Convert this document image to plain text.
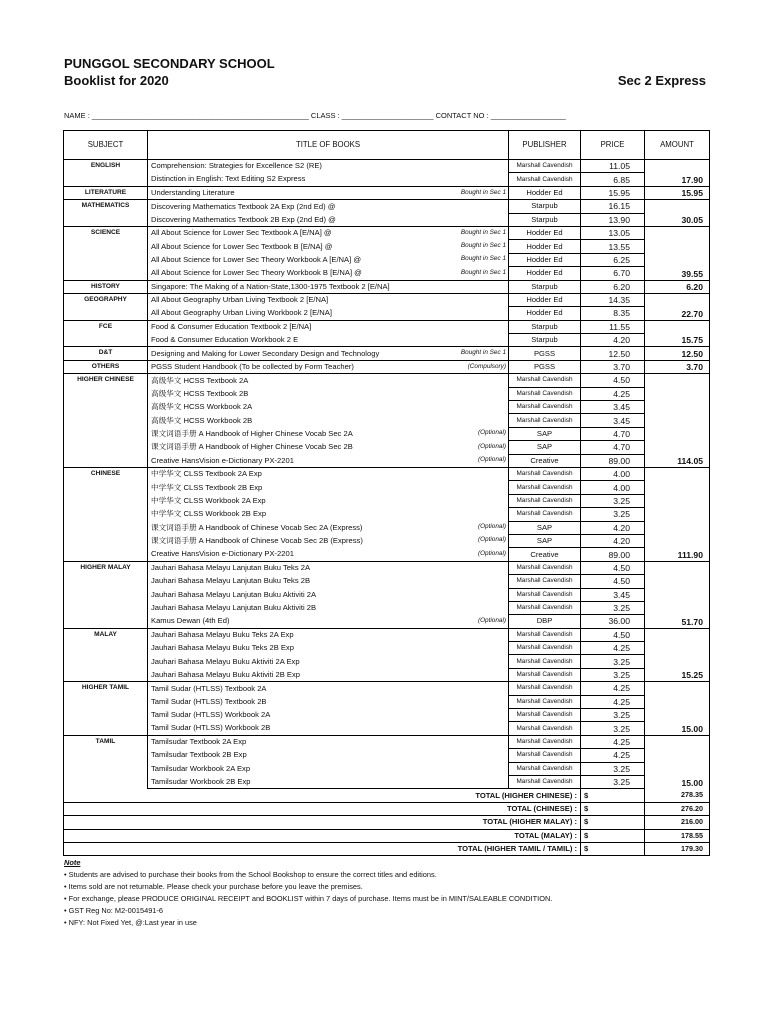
PUNGGOL SECONDARY SCHOOL
Booklist for 2020	Sec 2 Express
NAME : ____________________________________________________ CLASS : ______________________ CONTACT NO : __________________
SUBJECT	TITLE OF BOOKS	PUBLISHER	PRICE	AMOUNT
ENGLISH	Comprehension: Strategies for Excellence S2 (RE)	Marshall Cavendish	11.05	17.90
	Distinction in English: Text Editing S2 Express	Marshall Cavendish	6.85	
LITERATURE	Understanding Literature Bought in Sec 1	Hodder Ed	15.95	15.95
MATHEMATICS	Discovering Mathematics Textbook 2A Exp (2nd Ed) @	Starpub	16.15	30.05
	Discovering Mathematics Textbook 2B Exp (2nd Ed) @	Starpub	13.90	
SCIENCE	All About Science for Lower Sec Textbook A [E/NA] @ Bought in Sec 1	Hodder Ed	13.05	39.55
	All About Science for Lower Sec Textbook B [E/NA] @ Bought in Sec 1	Hodder Ed	13.55	
	All About Science for Lower Sec Theory Workbook A [E/NA] @ Bought in Sec 1	Hodder Ed	6.25	
	All About Science for Lower Sec Theory Workbook B [E/NA] @ Bought in Sec 1	Hodder Ed	6.70	
HISTORY	Singapore: The Making of a Nation-State,1300-1975 Textbook 2 [E/NA]	Starpub	6.20	6.20
GEOGRAPHY	All About Geography Urban Living Textbook 2 [E/NA]	Hodder Ed	14.35	22.70
	All About Geography Urban Living Workbook 2 [E/NA]	Hodder Ed	8.35	
FCE	Food & Consumer Education Textbook 2 [E/NA]	Starpub	11.55	15.75
	Food & Consumer Education Workbook 2 E	Starpub	4.20	
D&T	Designing and Making for Lower Secondary Design and Technology Bought in Sec 1	PGSS	12.50	12.50
OTHERS	PGSS Student Handbook (To be collected by Form Teacher) (Compulsory)	PGSS	3.70	3.70
HIGHER CHINESE	高级华文 HCSS Textbook 2A	Marshall Cavendish	4.50	114.05
	高级华文 HCSS Textbook 2B	Marshall Cavendish	4.25	
	高级华文 HCSS Workbook 2A	Marshall Cavendish	3.45	
	高级华文 HCSS Workbook 2B	Marshall Cavendish	3.45	
	课文词语手册 A Handbook of Higher Chinese Vocab Sec 2A (Optional)	SAP	4.70	
	课文词语手册 A Handbook of Higher Chinese Vocab Sec 2B (Optional)	SAP	4.70	
	Creative HansVision e-Dictionary PX-2201 (Optional)	Creative	89.00	
CHINESE	中学华文 CLSS Textbook 2A Exp	Marshall Cavendish	4.00	111.90
	中学华文 CLSS Textbook 2B Exp	Marshall Cavendish	4.00	
	中学华文 CLSS Workbook 2A Exp	Marshall Cavendish	3.25	
	中学华文 CLSS Workbook 2B Exp	Marshall Cavendish	3.25	
	课文词语手册 A Handbook of Chinese Vocab Sec 2A (Express) (Optional)	SAP	4.20	
	课文词语手册 A Handbook of Chinese Vocab Sec 2B (Express) (Optional)	SAP	4.20	
	Creative HansVision e-Dictionary PX-2201 (Optional)	Creative	89.00	
HIGHER MALAY	Jauhari Bahasa Melayu Lanjutan Buku Teks 2A	Marshall Cavendish	4.50	51.70
	Jauhari Bahasa Melayu Lanjutan Buku Teks 2B	Marshall Cavendish	4.50	
	Jauhari Bahasa Melayu Lanjutan Buku Aktiviti 2A	Marshall Cavendish	3.45	
	Jauhari Bahasa Melayu Lanjutan Buku Aktiviti 2B	Marshall Cavendish	3.25	
	Kamus Dewan (4th Ed) (Optional)	DBP	36.00	
MALAY	Jauhari Bahasa Melayu Buku Teks 2A Exp	Marshall Cavendish	4.50	15.25
	Jauhari Bahasa Melayu Buku Teks 2B Exp	Marshall Cavendish	4.25	
	Jauhari Bahasa Melayu Buku Aktiviti 2A Exp	Marshall Cavendish	3.25	
	Jauhari Bahasa Melayu Buku Aktiviti 2B Exp	Marshall Cavendish	3.25	
HIGHER TAMIL	Tamil Sudar (HTLSS) Textbook 2A	Marshall Cavendish	4.25	15.00
	Tamil Sudar (HTLSS) Textbook 2B	Marshall Cavendish	4.25	
	Tamil Sudar (HTLSS) Workbook 2A	Marshall Cavendish	3.25	
	Tamil Sudar (HTLSS) Workbook 2B	Marshall Cavendish	3.25	
TAMIL	Tamilsudar Textbook 2A Exp	Marshall Cavendish	4.25	15.00
	Tamilsudar Textbook 2B Exp	Marshall Cavendish	4.25	
	Tamilsudar Workbook 2A Exp	Marshall Cavendish	3.25	
	Tamilsudar Workbook 2B Exp	Marshall Cavendish	3.25	
TOTAL (HIGHER CHINESE) :			$	278.35
TOTAL (CHINESE) :			$	276.20
TOTAL (HIGHER MALAY) :			$	216.00
TOTAL (MALAY) :			$	178.55
TOTAL (HIGHER TAMIL / TAMIL) :			$	179.30
Note
• Students are advised to purchase their books from the School Bookshop to ensure the correct titles and editions.
• Items sold are not returnable. Please check your purchase before you leave the premises.
• For exchange, please PRODUCE ORIGINAL RECEIPT and BOOKLIST within 7 days of purchase. Items must be in MINT/SALEABLE CONDITION.
• GST Reg No: M2-0015491-6
• NFY: Not Fixed Yet, @:Last year in use
